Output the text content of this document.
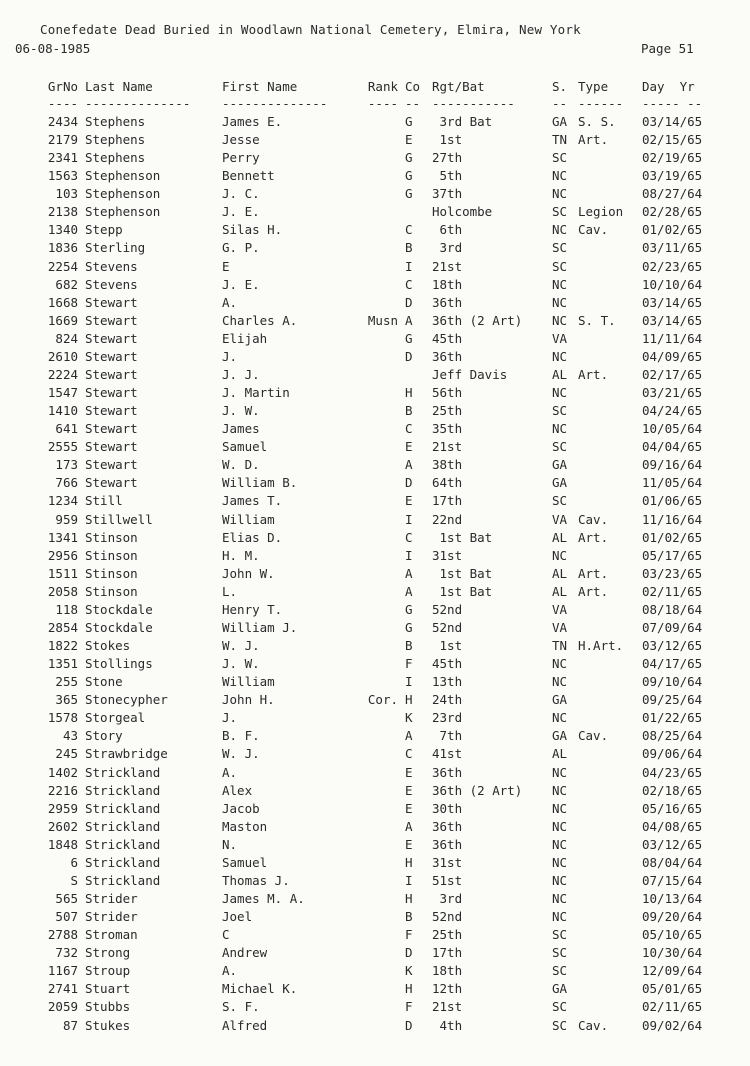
Conefedate Dead Buried in Woodlawn National Cemetery, Elmira, New York
06-08-1985	Page 51
GrNo Last Name	First Name	Rank Co Rgt/Bat	S. Type	Day  Yr
---- --------------	--------------	---- -- -----------	-- ------ ----- --
2434 Stephens	James E.	G 3rd Bat	GA S. S. 03/14/65
2179 Stephens	Jesse	E 1st	TN Art.	02/15/65
2341 Stephens	Perry	G 27th	SC	02/19/65
1563 Stephenson	Bennett	G 5th	NC	03/19/65
103 Stephenson	J. C.	G 37th	NC	08/27/64
2138 Stephenson	J. E.	Holcombe	SC Legion 02/28/65
1340 Stepp	Silas H.	C 6th	NC Cav.	01/02/65
1836 Sterling	G. P.	B 3rd	SC	03/11/65
2254 Stevens	E	I 21st	SC	02/23/65
682 Stevens	J. E.	C 18th	NC	10/10/64
1668 Stewart	A.	D 36th	NC	03/14/65
1669 Stewart	Charles A.	Musn A 36th (2 Art) NC S. T. 03/14/65
824 Stewart	Elijah	G 45th	VA	11/11/64
2610 Stewart	J.	D 36th	NC	04/09/65
2224 Stewart	J. J.	Jeff Davis	AL Art.	02/17/65
1547 Stewart	J. Martin	H 56th	NC	03/21/65
1410 Stewart	J. W.	B 25th	SC	04/24/65
641 Stewart	James	C 35th	NC	10/05/64
2555 Stewart	Samuel	E 21st	SC	04/04/65
173 Stewart	W. D.	A 38th	GA	09/16/64
766 Stewart	William B.	D 64th	GA	11/05/64
1234 Still	James T.	E 17th	SC	01/06/65
959 Stillwell	William	I 22nd	VA Cav.	11/16/64
1341 Stinson	Elias D.	C 1st Bat	AL Art.	01/02/65
2956 Stinson	H. M.	I 31st	NC	05/17/65
1511 Stinson	John W.	A 1st Bat	AL Art.	03/23/65
2058 Stinson	L.	A 1st Bat	AL Art.	02/11/65
118 Stockdale	Henry T.	G 52nd	VA	08/18/64
2854 Stockdale	William J.	G 52nd	VA	07/09/64
1822 Stokes	W. J.	B 1st	TN H.Art. 03/12/65
1351 Stollings	J. W.	F 45th	NC	04/17/65
255 Stone	William	I 13th	NC	09/10/64
365 Stonecypher	John H.	Cor. H 24th	GA	09/25/64
1578 Storgeal	J.	K 23rd	NC	01/22/65
43 Story	B. F.	A 7th	GA Cav.	08/25/64
245 Strawbridge	W. J.	C 41st	AL	09/06/64
1402 Strickland	A.	E 36th	NC	04/23/65
2216 Strickland	Alex	E 36th (2 Art) NC	02/18/65
2959 Strickland	Jacob	E 30th	NC	05/16/65
2602 Strickland	Maston	A 36th	NC	04/08/65
1848 Strickland	N.	E 36th	NC	03/12/65
6 Strickland	Samuel	H 31st	NC	08/04/64
S Strickland	Thomas J.	I 51st	NC	07/15/64
565 Strider	James M. A.	H 3rd	NC	10/13/64
507 Strider	Joel	B 52nd	NC	09/20/64
2788 Stroman	C	F 25th	SC	05/10/65
732 Strong	Andrew	D 17th	SC	10/30/64
1167 Stroup	A.	K 18th	SC	12/09/64
2741 Stuart	Michael K.	H 12th	GA	05/01/65
2059 Stubbs	S. F.	F 21st	SC	02/11/65
87 Stukes	Alfred	D 4th	SC Cav.	09/02/64
